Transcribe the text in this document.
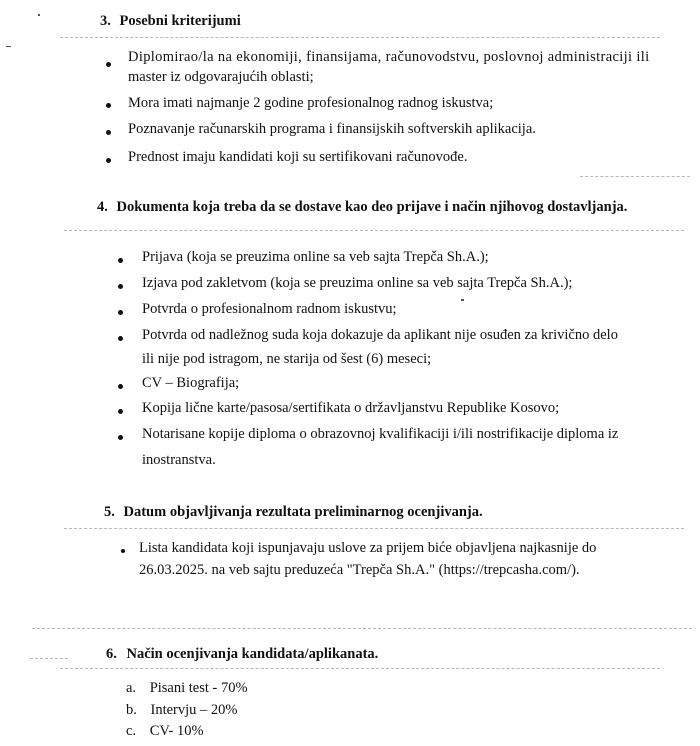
3. Posebni kriterijumi
Diplomirao/la na ekonomiji, finansijama, računovodstvu, poslovnoj administraciji ili
master iz odgovarajućih oblasti;
Mora imati najmanje 2 godine profesionalnog radnog iskustva;
Poznavanje računarskih programa i finansijskih softverskih aplikacija.
Prednost imaju kandidati koji su sertifikovani računovođe.
4. Dokumenta koja treba da se dostave kao deo prijave i način njihovog dostavljanja.
Prijava (koja se preuzima online sa veb sajta Trepča Sh.A.);
Izjava pod zakletvom (koja se preuzima online sa veb sajta Trepča Sh.A.);
Potvrda o profesionalnom radnom iskustvu;
Potvrda od nadležnog suda koja dokazuje da aplikant nije osuđen za krivično delo
ili nije pod istragom, ne starija od šest (6) meseci;
CV – Biografija;
Kopija lične karte/pasosa/sertifikata o državljanstvu Republike Kosovo;
Notarisane kopije diploma o obrazovnoj kvalifikaciji i/ili nostrifikacije diploma iz
inostranstva.
5. Datum objavljivanja rezultata preliminarnog ocenjivanja.
Lista kandidata koji ispunjavaju uslove za prijem biće objavljena najkasnije do
26.03.2025. na veb sajtu preduzeća "Trepča Sh.A." (https://trepcasha.com/).
6. Način ocenjivanja kandidata/aplikanata.
a. Pisani test - 70%
b. Intervju – 20%
c. CV- 10%
